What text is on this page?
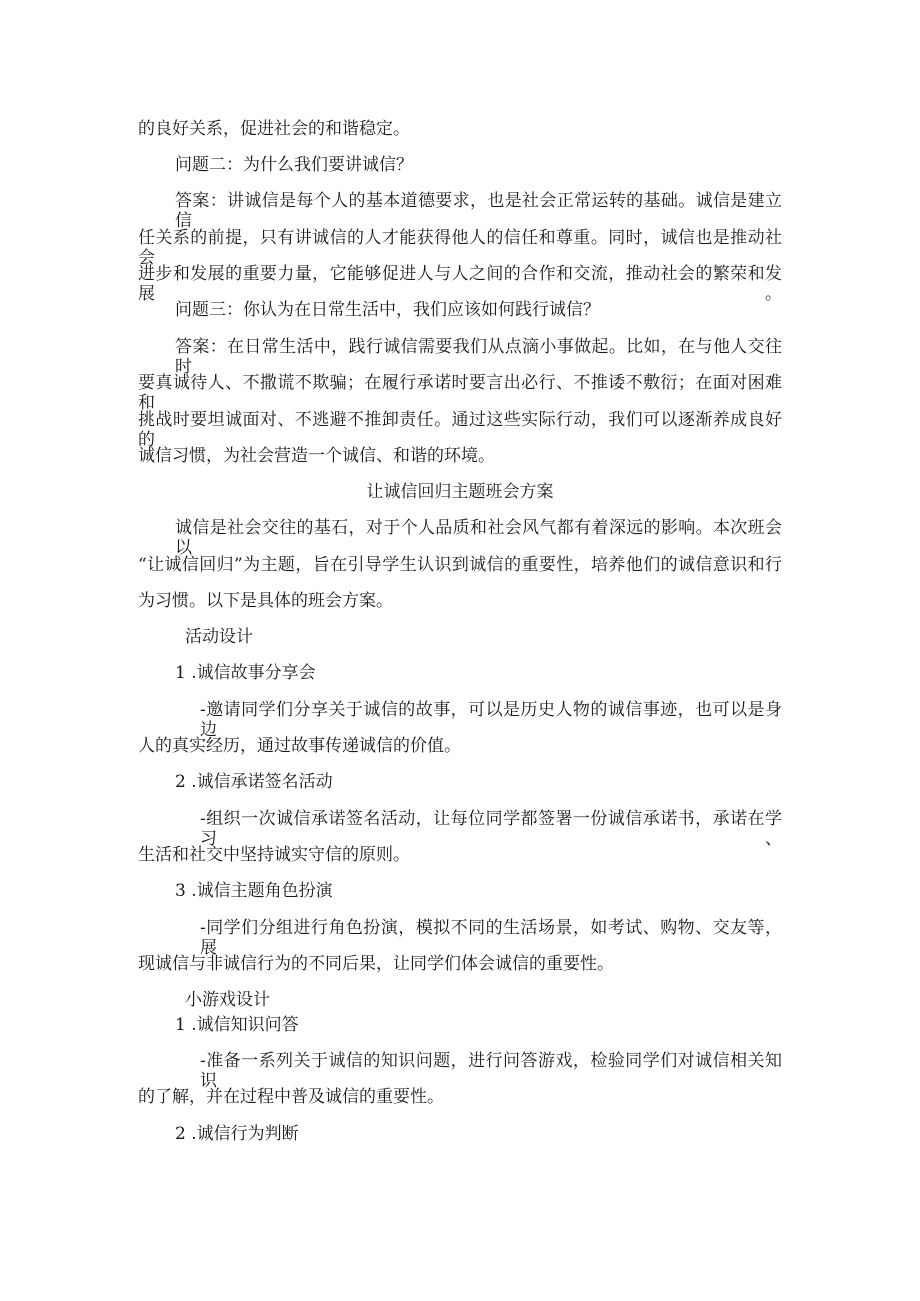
的良好关系，促进社会的和谐稳定。
问题二：为什么我们要讲诚信？
答案：讲诚信是每个人的基本道德要求，也是社会正常运转的基础。诚信是建立信
任关系的前提，只有讲诚信的人才能获得他人的信任和尊重。同时，诚信也是推动社会
进步和发展的重要力量，它能够促进人与人之间的合作和交流，推动社会的繁荣和发展。
问题三：你认为在日常生活中，我们应该如何践行诚信？
答案：在日常生活中，践行诚信需要我们从点滴小事做起。比如，在与他人交往时
要真诚待人、不撒谎不欺骗；在履行承诺时要言出必行、不推诿不敷衍；在面对困难和
挑战时要坦诚面对、不逃避不推卸责任。通过这些实际行动，我们可以逐渐养成良好的
诚信习惯，为社会营造一个诚信、和谐的环境。
让诚信回归主题班会方案
诚信是社会交往的基石，对于个人品质和社会风气都有着深远的影响。本次班会以
“让诚信回归”为主题，旨在引导学生认识到诚信的重要性，培养他们的诚信意识和行
为习惯。以下是具体的班会方案。
活动设计
1 .诚信故事分享会
-邀请同学们分享关于诚信的故事，可以是历史人物的诚信事迹，也可以是身边
人的真实经历，通过故事传递诚信的价值。
2 .诚信承诺签名活动
-组织一次诚信承诺签名活动，让每位同学都签署一份诚信承诺书，承诺在学习、
生活和社交中坚持诚实守信的原则。
3 .诚信主题角色扮演
-同学们分组进行角色扮演，模拟不同的生活场景，如考试、购物、交友等，展
现诚信与非诚信行为的不同后果，让同学们体会诚信的重要性。
小游戏设计
1 .诚信知识问答
-准备一系列关于诚信的知识问题，进行问答游戏，检验同学们对诚信相关知识
的了解，并在过程中普及诚信的重要性。
2 .诚信行为判断
